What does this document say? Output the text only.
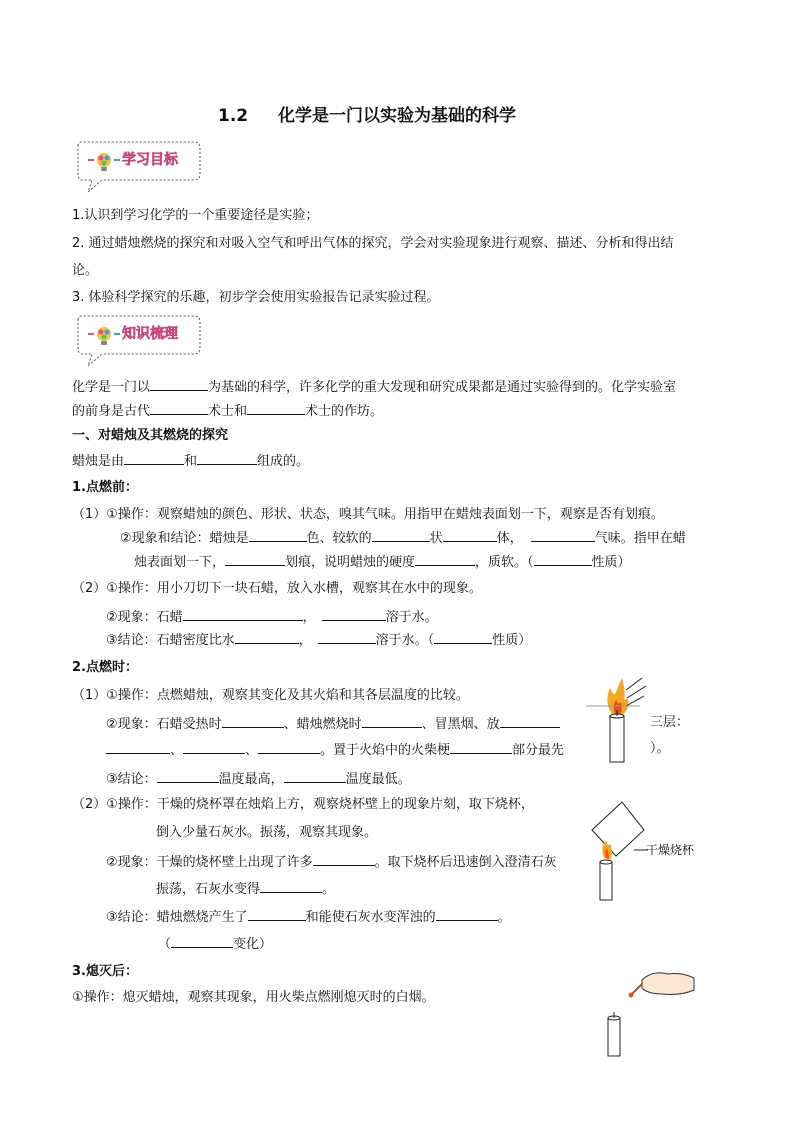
1.2 化学是一门以实验为基础的科学
学习目标
1.认识到学习化学的一个重要途径是实验；
2. 通过蜡烛燃烧的探究和对吸入空气和呼出气体的探究，学会对实验现象进行观察、描述、分析和得出结
论。
3. 体验科学探究的乐趣，初步学会使用实验报告记录实验过程。
知识梳理
化学是一门以	为基础的科学，许多化学的重大发现和研究成果都是通过实验得到的。化学实验室
的前身是古代	术士和	术士的作坊。
一、对蜡烛及其燃烧的探究
蜡烛是由	和	组成的。
1.点燃前：
（1）①操作：观察蜡烛的颜色、形状、状态，嗅其气味。用指甲在蜡烛表面划一下，观察是否有划痕。
②现象和结论：蜡烛是	色、较软的	状	体，	气味。指甲在蜡
烛表面划一下，	划痕，说明蜡烛的硬度	，质软。（	性质）
（2）①操作：用小刀切下一块石蜡，放入水槽，观察其在水中的现象。
②现象：石蜡	，	溶于水。
③结论：石蜡密度比水	，	溶于水。（	性质）
2.点燃时：
（1）①操作：点燃蜡烛，观察其变化及其火焰和其各层温度的比较。
②现象：石蜡受热时	、蜡烛燃烧时	、冒黑烟、放	三层：
、	、	。置于火焰中的火柴梗	部分最先	）。
③结论：	温度最高，	温度最低。
（2）①操作：干燥的烧杯罩在烛焰上方，观察烧杯壁上的现象片刻，取下烧杯，
倒入少量石灰水。振荡，观察其现象。
②现象：干燥的烧杯壁上出现了许多	。取下烧杯后迅速倒入澄清石灰
振荡，石灰水变得	。
③结论：蜡烛燃烧产生了	和能使石灰水变浑浊的	。
（	变化）
3.熄灭后：
①操作：熄灭蜡烛，观察其现象，用火柴点燃刚熄灭时的白烟。
干燥烧杯
